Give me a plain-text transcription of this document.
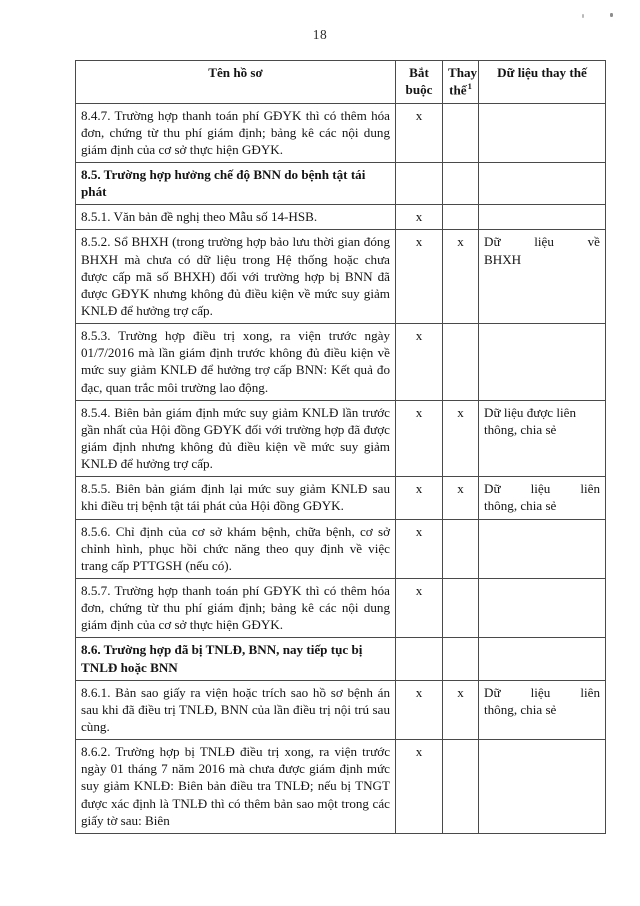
18
Tên hồ sơ	Bắt buộc	Thay thế$^1$	Dữ liệu thay thế
8.4.7. Trường hợp thanh toán phí GĐYK thì có thêm hóa đơn, chứng từ thu phí giám định; bảng kê các nội dung giám định của cơ sở thực hiện GĐYK.	x		
8.5. Trường hợp hưởng chế độ BNN do bệnh tật tái phát			
8.5.1. Văn bản đề nghị theo Mẫu số 14-HSB.	x		
8.5.2. Sổ BHXH (trong trường hợp bảo lưu thời gian đóng BHXH mà chưa có dữ liệu trong Hệ thống hoặc chưa được cấp mã số BHXH) đối với trường hợp bị BNN đã được GĐYK nhưng không đủ điều kiện về mức suy giảm KNLĐ để hưởng trợ cấp.	x	x	Dữ liệu về
BHXH

8.5.3. Trường hợp điều trị xong, ra viện trước ngày 01/7/2016 mà lần giám định trước không đủ điều kiện về mức suy giảm KNLĐ để hưởng trợ cấp BNN: Kết quả đo đạc, quan trắc môi trường lao động.	x		
8.5.4. Biên bản giám định mức suy giảm KNLĐ lần trước gần nhất của Hội đồng GĐYK đối với trường hợp đã được giám định nhưng không đủ điều kiện về mức suy giảm KNLĐ để hưởng trợ cấp.	x	x	Dữ liệu được liên
thông, chia sẻ

8.5.5. Biên bản giám định lại mức suy giảm KNLĐ sau khi điều trị bệnh tật tái phát của Hội đồng GĐYK.	x	x	Dữ liệu liên
thông, chia sẻ

8.5.6. Chỉ định của cơ sở khám bệnh, chữa bệnh, cơ sở chỉnh hình, phục hồi chức năng theo quy định về việc trang cấp PTTGSH (nếu có).	x		
8.5.7. Trường hợp thanh toán phí GĐYK thì có thêm hóa đơn, chứng từ thu phí giám định; bảng kê các nội dung giám định của cơ sở thực hiện GĐYK.	x		
8.6. Trường hợp đã bị TNLĐ, BNN, nay tiếp tục bị TNLĐ hoặc BNN			
8.6.1. Bản sao giấy ra viện hoặc trích sao hồ sơ bệnh án sau khi đã điều trị TNLĐ, BNN của lần điều trị nội trú sau cùng.	x	x	Dữ liệu liên
thông, chia sẻ

8.6.2. Trường hợp bị TNLĐ điều trị xong, ra viện trước ngày 01 tháng 7 năm 2016 mà chưa được giám định mức suy giảm KNLĐ: Biên bản điều tra TNLĐ; nếu bị TNGT được xác định là TNLĐ thì có thêm bản sao một trong các giấy tờ sau: Biên	x		
